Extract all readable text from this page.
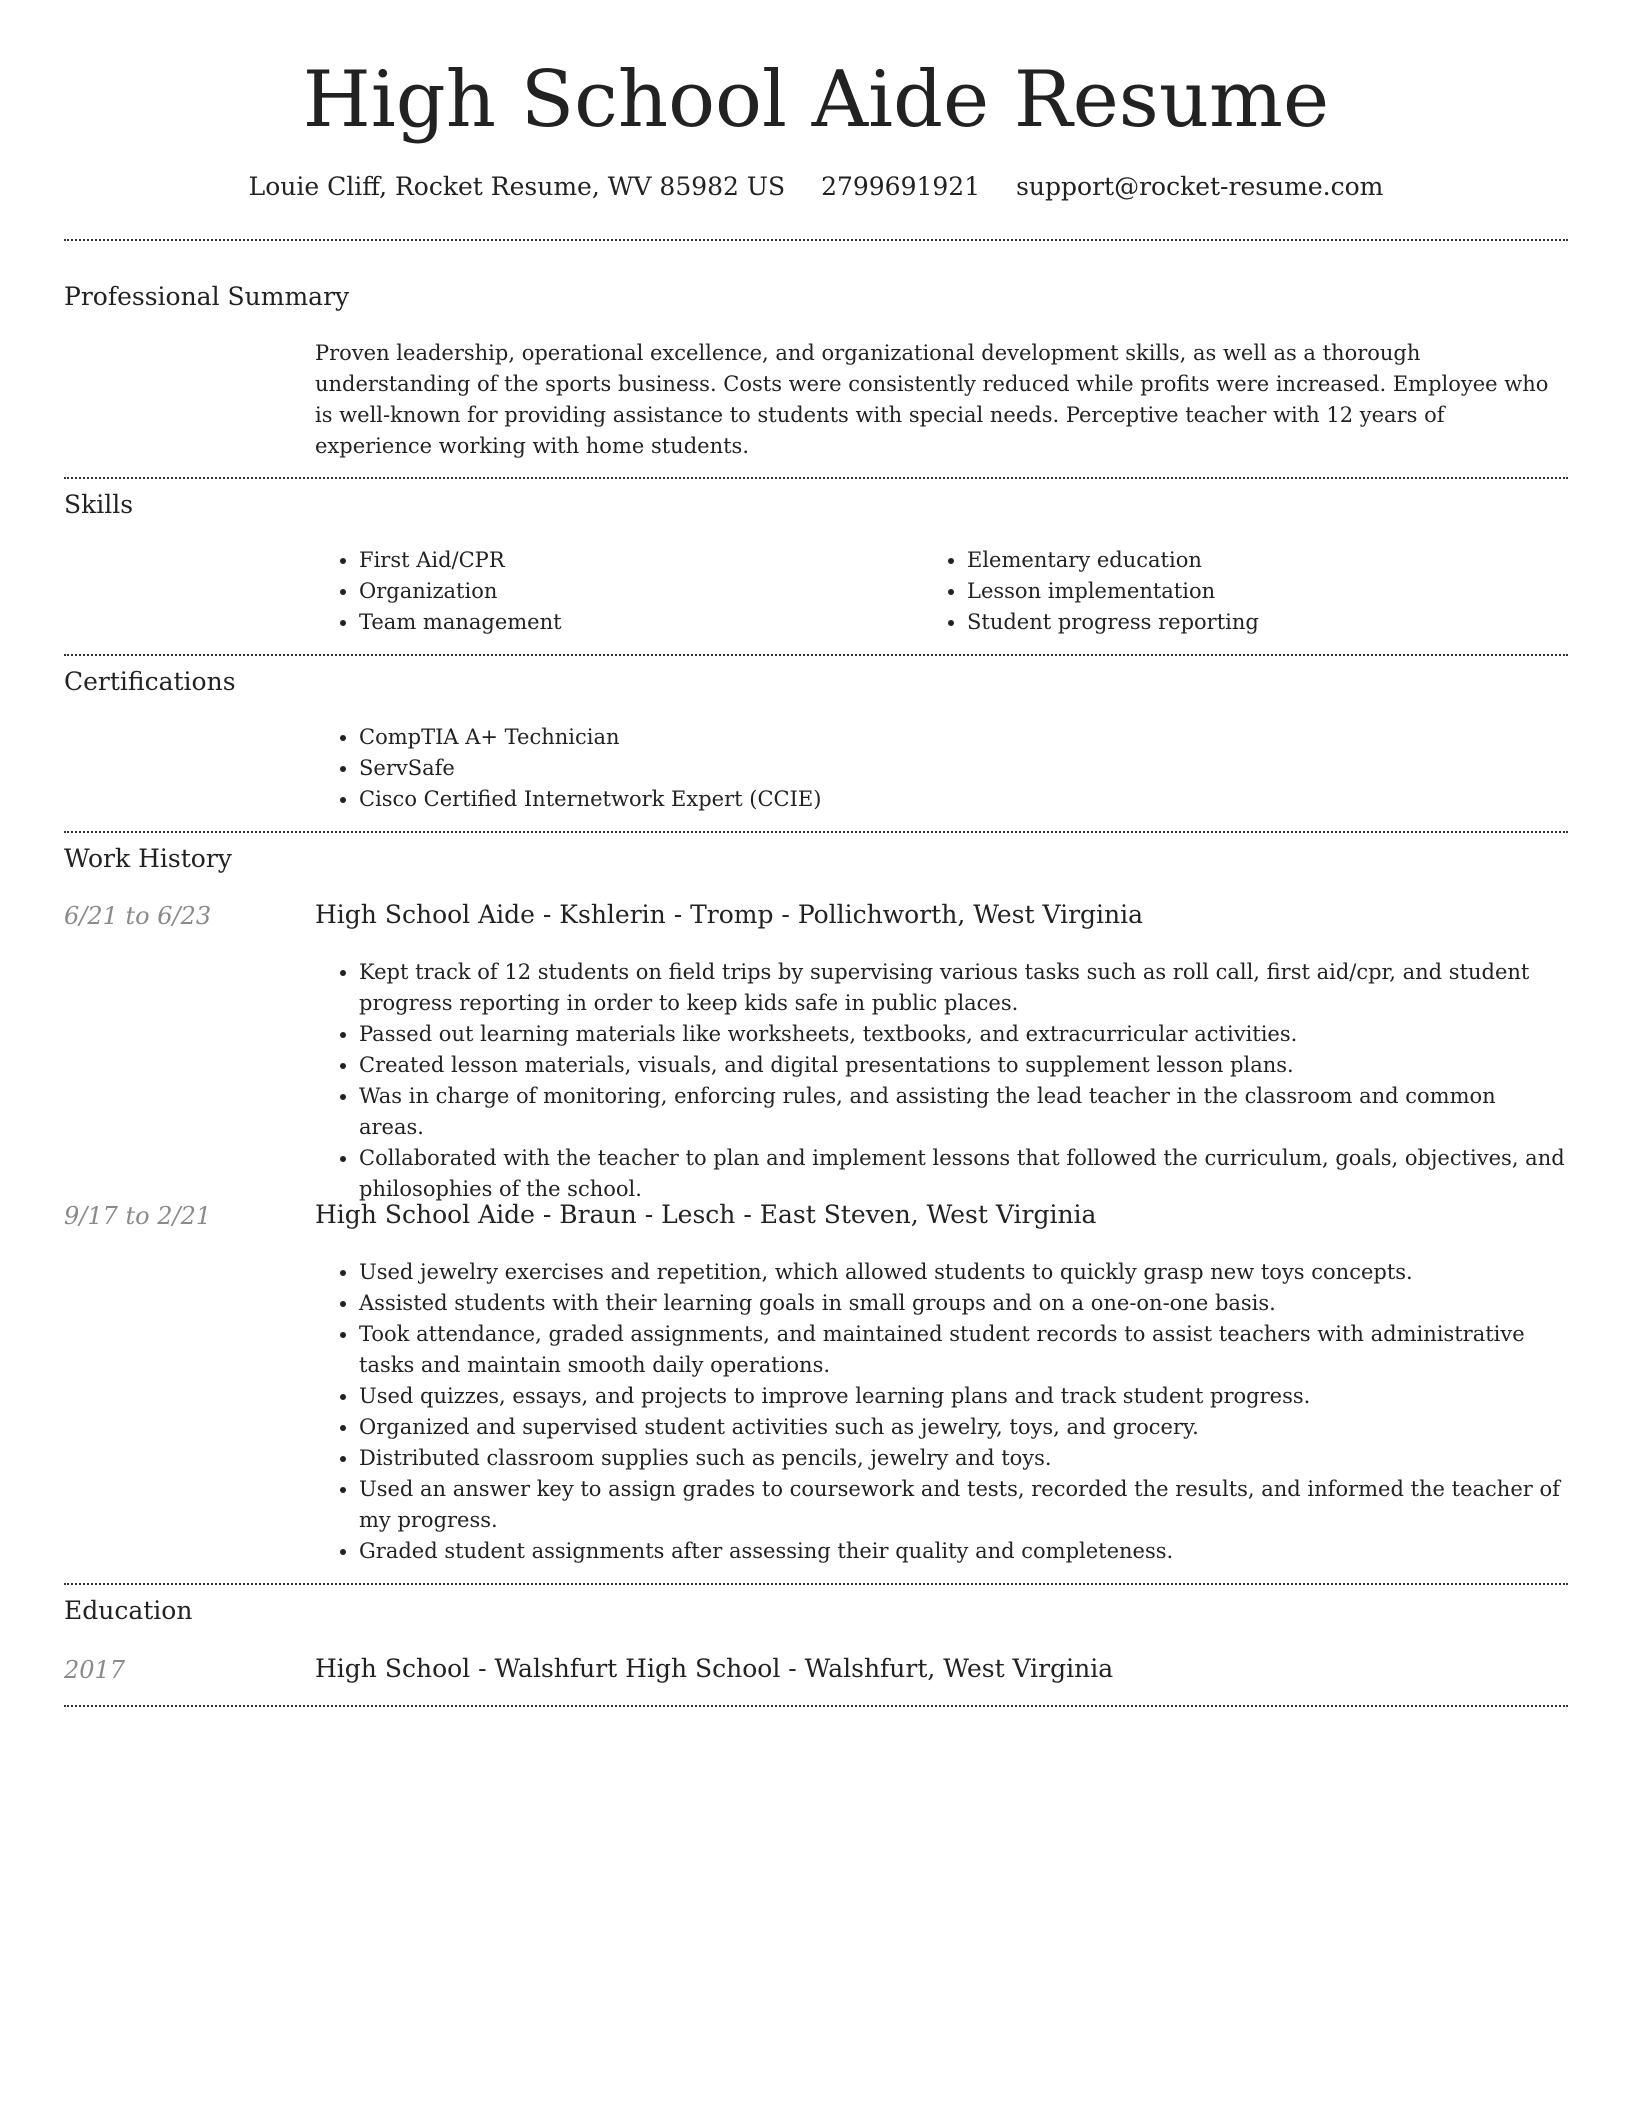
High School Aide Resume
Louie Cliff, Rocket Resume, WV 85982 US 2799691921 support@rocket-resume.com
Professional Summary
Proven leadership, operational excellence, and organizational development skills, as well as a thorough understanding of the sports business. Costs were consistently reduced while profits were increased. Employee who is well-known for providing assistance to students with special needs. Perceptive teacher with 12 years of experience working with home students.
Skills
• First Aid/CPR
• Organization
• Team management
• Elementary education
• Lesson implementation
• Student progress reporting
Certifications
• CompTIA A+ Technician
• ServSafe
• Cisco Certified Internetwork Expert (CCIE)
Work History
6/21 to 6/23	High School Aide - Kshlerin - Tromp - Pollichworth, West Virginia
• Kept track of 12 students on field trips by supervising various tasks such as roll call, first aid/cpr, and student progress reporting in order to keep kids safe in public places.
• Passed out learning materials like worksheets, textbooks, and extracurricular activities.
• Created lesson materials, visuals, and digital presentations to supplement lesson plans.
• Was in charge of monitoring, enforcing rules, and assisting the lead teacher in the classroom and common areas.
• Collaborated with the teacher to plan and implement lessons that followed the curriculum, goals, objectives, and philosophies of the school.
9/17 to 2/21	High School Aide - Braun - Lesch - East Steven, West Virginia
• Used jewelry exercises and repetition, which allowed students to quickly grasp new toys concepts.
• Assisted students with their learning goals in small groups and on a one-on-one basis.
• Took attendance, graded assignments, and maintained student records to assist teachers with administrative tasks and maintain smooth daily operations.
• Used quizzes, essays, and projects to improve learning plans and track student progress.
• Organized and supervised student activities such as jewelry, toys, and grocery.
• Distributed classroom supplies such as pencils, jewelry and toys.
• Used an answer key to assign grades to coursework and tests, recorded the results, and informed the teacher of my progress.
• Graded student assignments after assessing their quality and completeness.
Education
2017	High School - Walshfurt High School - Walshfurt, West Virginia
